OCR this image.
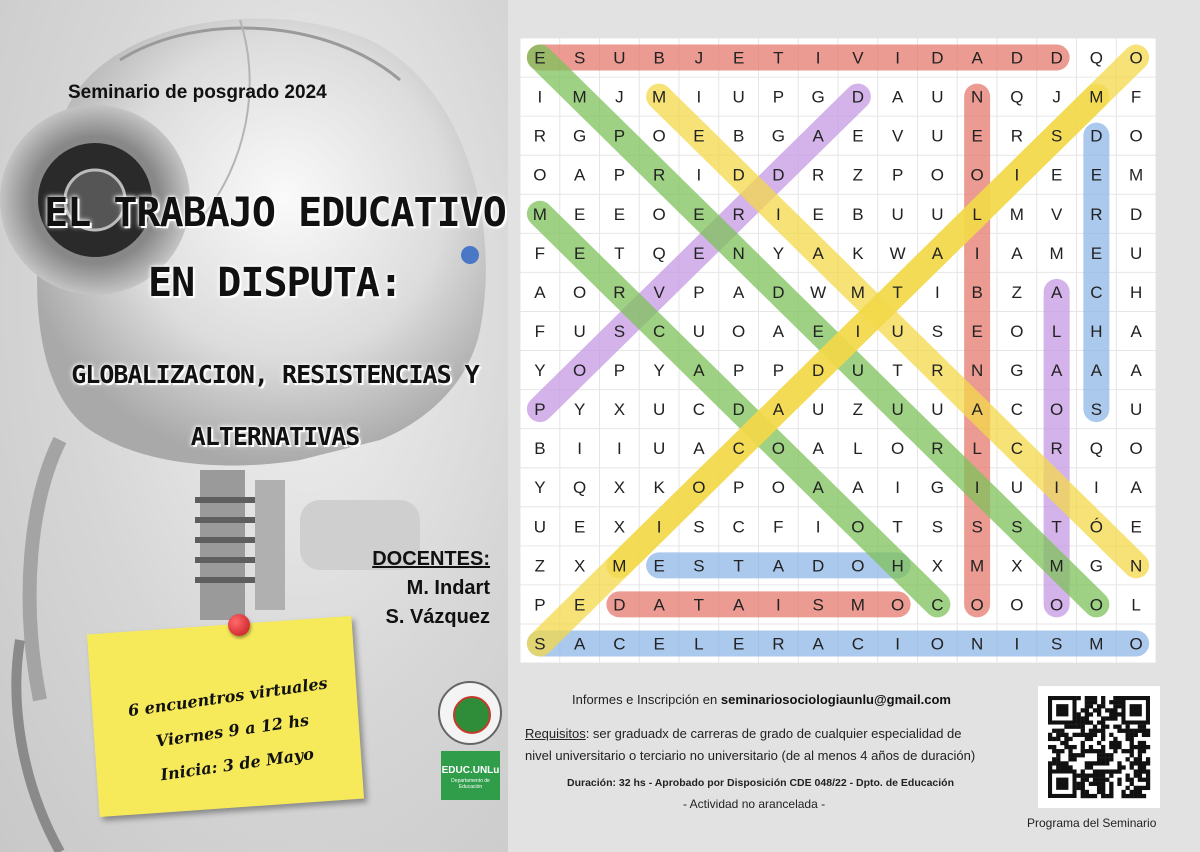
Seminario de posgrado 2024
EL TRABAJO EDUCATIVO
EN DISPUTA:
GLOBALIZACION, RESISTENCIAS Y
ALTERNATIVAS
DOCENTES:
M. Indart
S. Vázquez
6 encuentros virtuales
Viernes 9 a 12 hs
Inicia: 3 de Mayo	EDUC.UNLu
Departamento de Educación
E S U B J E T I V I D A D D Q O
I M J M I U P G D A U N Q J M F
R G P O E B G A E V U E R S D O
O A P R I D D R Z P O O I E E M
M E E O E R I E B U U L M V R D
F E T Q E N Y A K W A I A M E U
A O R V P A D W M T I B Z A C H
F U S C U O A E I U S E O L H A
Y O P Y A P P D U T R N G A A A
P Y X U C D A U Z U U A C O S U
B I I U A C O A L O R L C R Q O
Y Q X K O P O A A I G I U I I A
U E X I S C F I O T S S S T Ó E
Z X M E S T A D O H X M X M G N
P E D A T A I S M O C O O O O L
S A C E L E R A C I O N I S M O
Informes e Inscripción en seminariosociologiaunlu@gmail.com
Requisitos: ser graduadx de carreras de grado de cualquier especialidad de
nivel universitario o terciario no universitario (de al menos 4 años de duración)
Duración: 32 hs - Aprobado por Disposición CDE 048/22 - Dpto. de Educación
- Actividad no arancelada -
Programa del Seminario
